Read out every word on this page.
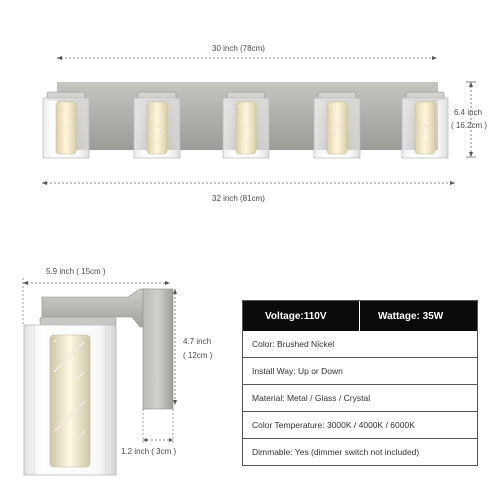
30 inch (78cm)
32 inch (81cm)
6.4 inch
( 16.2cm )
5.9 inch ( 15cm )
4.7 inch
( 12cm )
1.2 inch ( 3cm )
Voltage:110V	Wattage: 35W
Color: Brushed Nickel
Install Way: Up or Down
Material: Metal / Glass / Crystal
Color Temperature: 3000K / 4000K / 6000K
Dimmable: Yes (dimmer switch not included)
